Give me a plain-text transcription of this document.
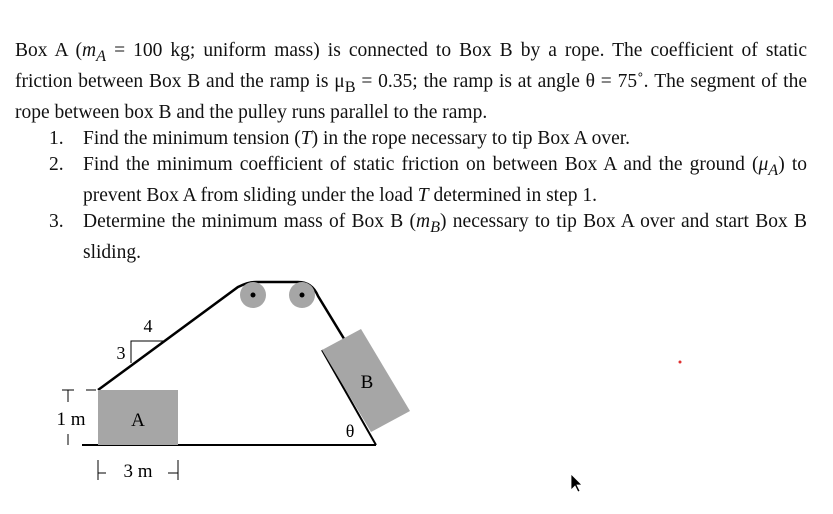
Box A ($m_A = 100$ kg; uniform mass) is connected to Box B by a rope. The coefficient of static friction between Box B and the ramp is $\mu_B = 0.35$; the ramp is at angle θ = 75˚. The segment of the rope between box B and the pulley runs parallel to the ramp.

1. Find the minimum tension (T) in the rope necessary to tip Box A over.
2. Find the minimum coefficient of static friction on between Box A and the ground $(\mu_A)$ to prevent Box A from sliding under the load T determined in step 1.
3. Determine the minimum mass of Box B $(m_B)$ necessary to tip Box A over and start Box B sliding.
A
B
3
4
1 m
3 m
θ
